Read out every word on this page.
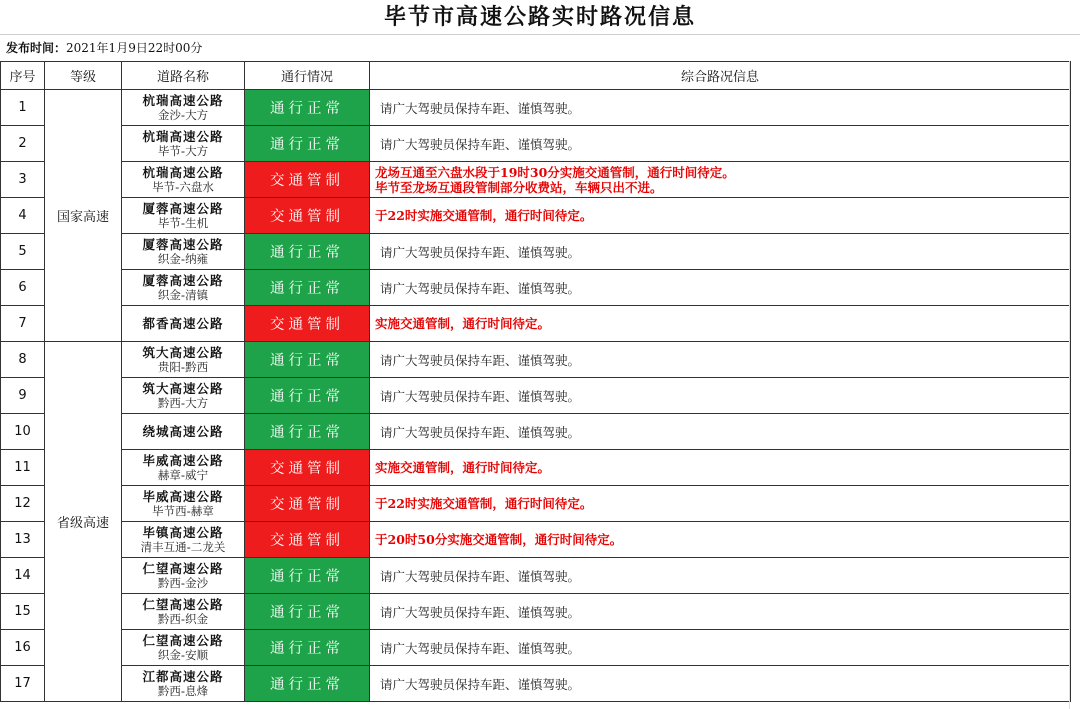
毕节市高速公路实时路况信息
发布时间：2021年1月9日22时00分
序号	等级	道路名称	通行情况	综合路况信息
1	国家高速	杭瑞高速公路
金沙-大方	通行正常	请广大驾驶员保持车距、谨慎驾驶。

2		杭瑞高速公路
毕节-大方	通行正常	请广大驾驶员保持车距、谨慎驾驶。

3		杭瑞高速公路
毕节-六盘水	交通管制	龙场互通至六盘水段于19时30分实施交通管制，通行时间待定。
毕节至龙场互通段管制部分收费站，车辆只出不进。

4		厦蓉高速公路
毕节-生机	交通管制	于22时实施交通管制，通行时间待定。

5		厦蓉高速公路
织金-纳雍	通行正常	请广大驾驶员保持车距、谨慎驾驶。

6		厦蓉高速公路
织金-清镇	通行正常	请广大驾驶员保持车距、谨慎驾驶。

7		都香高速公路	交通管制	实施交通管制，通行时间待定。

8	省级高速	筑大高速公路
贵阳-黔西	通行正常	请广大驾驶员保持车距、谨慎驾驶。

9		筑大高速公路
黔西-大方	通行正常	请广大驾驶员保持车距、谨慎驾驶。

10		绕城高速公路	通行正常	请广大驾驶员保持车距、谨慎驾驶。

11		毕威高速公路
赫章-威宁	交通管制	实施交通管制，通行时间待定。

12		毕威高速公路
毕节西-赫章	交通管制	于22时实施交通管制，通行时间待定。

13		毕镇高速公路
清丰互通-二龙关	交通管制	于20时50分实施交通管制，通行时间待定。

14		仁望高速公路
黔西-金沙	通行正常	请广大驾驶员保持车距、谨慎驾驶。

15		仁望高速公路
黔西-织金	通行正常	请广大驾驶员保持车距、谨慎驾驶。

16		仁望高速公路
织金-安顺	通行正常	请广大驾驶员保持车距、谨慎驾驶。

17		江都高速公路
黔西-息烽	通行正常	请广大驾驶员保持车距、谨慎驾驶。
